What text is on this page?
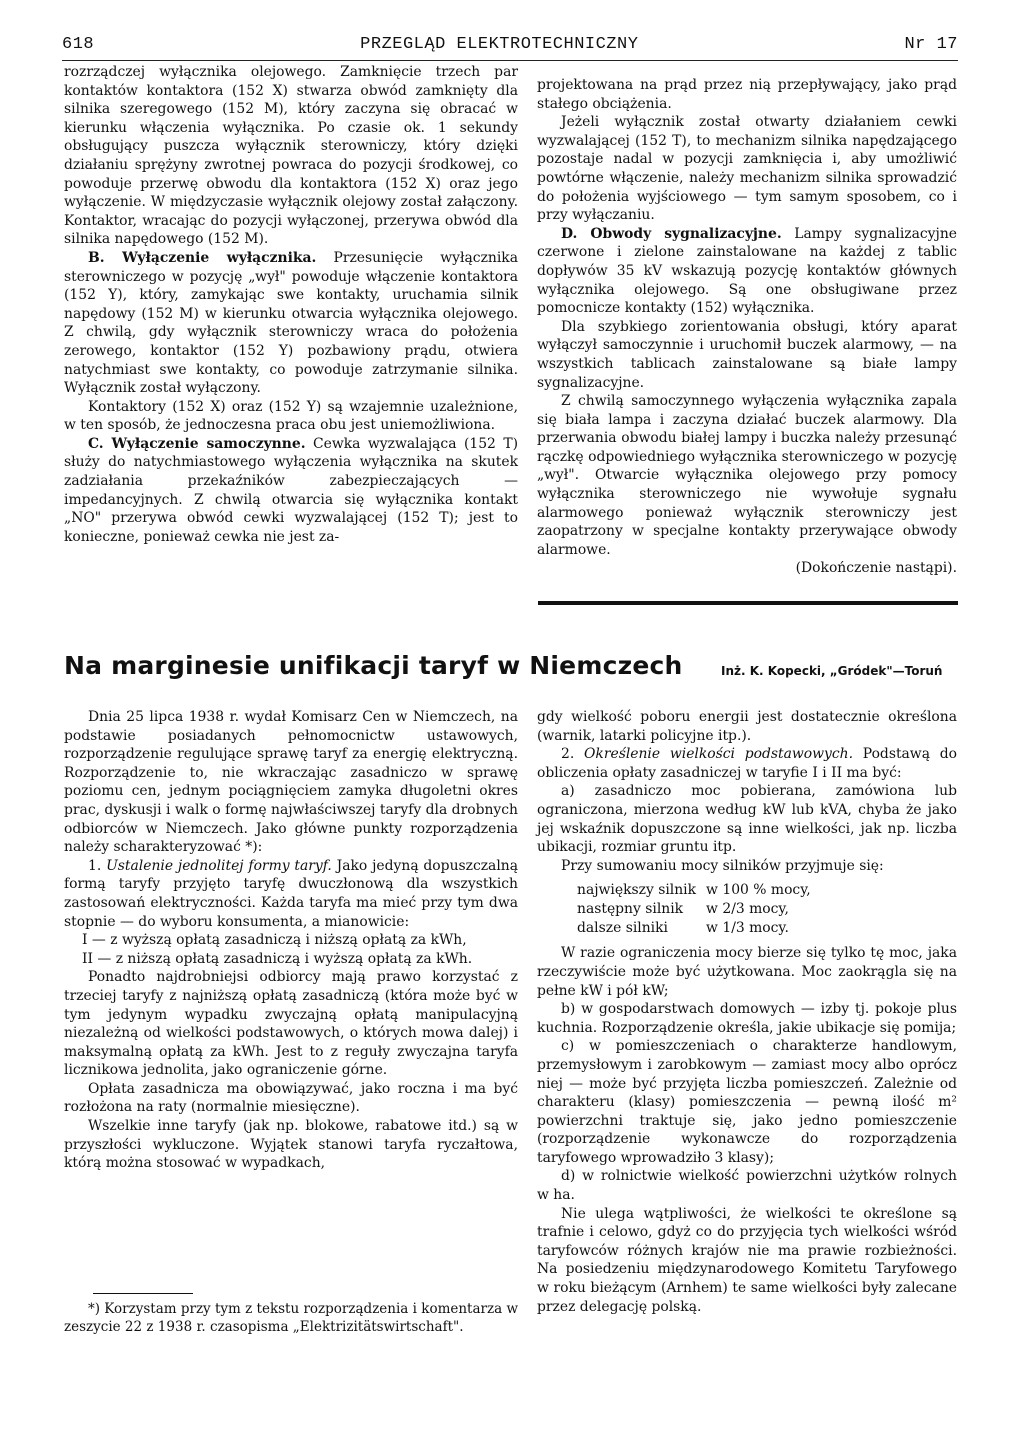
618	PRZEGLĄD ELEKTROTECHNICZNY	Nr 17

rozrządczej wyłącznika olejowego. Zamknięcie trzech par kontaktów kontaktora (152 X) stwarza obwód zamknięty dla silnika szeregowego (152 M), który zaczyna się obracać w kierunku włączenia wyłącznika. Po czasie ok. 1 sekundy obsługujący puszcza wyłącznik sterowniczy, który dzięki działaniu sprężyny zwrotnej powraca do pozycji środkowej, co powoduje przerwę obwodu dla kontaktora (152 X) oraz jego wyłączenie. W międzyczasie wyłącznik olejowy został załączony. Kontaktor, wracając do pozycji wyłączonej, przerywa obwód dla silnika napędowego (152 M).

B. Wyłączenie wyłącznika. Przesunięcie wyłącznika sterowniczego w pozycję „wył" powoduje włączenie kontaktora (152 Y), który, zamykając swe kontakty, uruchamia silnik napędowy (152 M) w kierunku otwarcia wyłącznika olejowego. Z chwilą, gdy wyłącznik sterowniczy wraca do położenia zerowego, kontaktor (152 Y) pozbawiony prądu, otwiera natychmiast swe kontakty, co powoduje zatrzymanie silnika. Wyłącznik został wyłączony.

Kontaktory (152 X) oraz (152 Y) są wzajemnie uzależnione, w ten sposób, że jednoczesna praca obu jest uniemożliwiona.

C. Wyłączenie samoczynne. Cewka wyzwalająca (152 T) służy do natychmiastowego wyłączenia wyłącznika na skutek zadziałania przekaźników zabezpieczających — impedancyjnych. Z chwilą otwarcia się wyłącznika kontakt „NO" przerywa obwód cewki wyzwalającej (152 T); jest to konieczne, ponieważ cewka nie jest za-

projektowana na prąd przez nią przepływający, jako prąd stałego obciążenia.

Jeżeli wyłącznik został otwarty działaniem cewki wyzwalającej (152 T), to mechanizm silnika napędzającego pozostaje nadal w pozycji zamknięcia i, aby umożliwić powtórne włączenie, należy mechanizm silnika sprowadzić do położenia wyjściowego — tym samym sposobem, co i przy wyłączaniu.

D. Obwody sygnalizacyjne. Lampy sygnalizacyjne czerwone i zielone zainstalowane na każdej z tablic dopływów 35 kV wskazują pozycję kontaktów głównych wyłącznika olejowego. Są one obsługiwane przez pomocnicze kontakty (152) wyłącznika.

Dla szybkiego zorientowania obsługi, który aparat wyłączył samoczynnie i uruchomił buczek alarmowy, — na wszystkich tablicach zainstalowane są białe lampy sygnalizacyjne.

Z chwilą samoczynnego wyłączenia wyłącznika zapala się biała lampa i zaczyna działać buczek alarmowy. Dla przerwania obwodu białej lampy i buczka należy przesunąć rączkę odpowiedniego wyłącznika sterowniczego w pozycję „wył". Otwarcie wyłącznika olejowego przy pomocy wyłącznika sterowniczego nie wywołuje sygnału alarmowego ponieważ wyłącznik sterowniczy jest zaopatrzony w specjalne kontakty przerywające obwody alarmowe.

(Dokończenie nastąpi).

Na marginesie unifikacji taryf w Niemczech	Inż. K. Kopecki, „Gródek"—Toruń

Dnia 25 lipca 1938 r. wydał Komisarz Cen w Niemczech, na podstawie posiadanych pełnomocnictw ustawowych, rozporządzenie regulujące sprawę taryf za energię elektryczną. Rozporządzenie to, nie wkraczając zasadniczo w sprawę poziomu cen, jednym pociągnięciem zamyka długoletni okres prac, dyskusji i walk o formę najwłaściwszej taryfy dla drobnych odbiorców w Niemczech. Jako główne punkty rozporządzenia należy scharakteryzować *):

1. Ustalenie jednolitej formy taryf. Jako jedyną dopuszczalną formą taryfy przyjęto taryfę dwuczłonową dla wszystkich zastosowań elektryczności. Każda taryfa ma mieć przy tym dwa stopnie — do wyboru konsumenta, a mianowicie:

I — z wyższą opłatą zasadniczą i niższą opłatą za kWh,

II — z niższą opłatą zasadniczą i wyższą opłatą za kWh.

Ponadto najdrobniejsi odbiorcy mają prawo korzystać z trzeciej taryfy z najniższą opłatą zasadniczą (która może być w tym jedynym wypadku zwyczajną opłatą manipulacyjną niezależną od wielkości podstawowych, o których mowa dalej) i maksymalną opłatą za kWh. Jest to z reguły zwyczajna taryfa licznikowa jednolita, jako ograniczenie górne.

Opłata zasadnicza ma obowiązywać, jako roczna i ma być rozłożona na raty (normalnie miesięczne).

Wszelkie inne taryfy (jak np. blokowe, rabatowe itd.) są w przyszłości wykluczone. Wyjątek stanowi taryfa ryczałtowa, którą można stosować w wypadkach,

*) Korzystam przy tym z tekstu rozporządzenia i komentarza w zeszycie 22 z 1938 r. czasopisma „Elektrizitätswirtschaft".

gdy wielkość poboru energii jest dostatecznie określona (warnik, latarki policyjne itp.).

2. Określenie wielkości podstawowych. Podstawą do obliczenia opłaty zasadniczej w taryfie I i II ma być:

a) zasadniczo moc pobierana, zamówiona lub ograniczona, mierzona według kW lub kVA, chyba że jako jej wskaźnik dopuszczone są inne wielkości, jak np. liczba ubikacji, rozmiar gruntu itp.

Przy sumowaniu mocy silników przyjmuje się:

największy silnik	w 100 % mocy,
następny silnik	w 2/3 mocy,
dalsze silniki	w 1/3 mocy.

W razie ograniczenia mocy bierze się tylko tę moc, jaka rzeczywiście może być użytkowana. Moc zaokrągla się na pełne kW i pół kW;

b) w gospodarstwach domowych — izby tj. pokoje plus kuchnia. Rozporządzenie określa, jakie ubikacje się pomija;

c) w pomieszczeniach o charakterze handlowym, przemysłowym i zarobkowym — zamiast mocy albo oprócz niej — może być przyjęta liczba pomieszczeń. Zależnie od charakteru (klasy) pomieszczenia — pewną ilość m² powierzchni traktuje się, jako jedno pomieszczenie (rozporządzenie wykonawcze do rozporządzenia taryfowego wprowadziło 3 klasy);

d) w rolnictwie wielkość powierzchni użytków rolnych w ha.

Nie ulega wątpliwości, że wielkości te określone są trafnie i celowo, gdyż co do przyjęcia tych wielkości wśród taryfowców różnych krajów nie ma prawie rozbieżności. Na posiedzeniu międzynarodowego Komitetu Taryfowego w roku bieżącym (Arnhem) te same wielkości były zalecane przez delegację polską.
